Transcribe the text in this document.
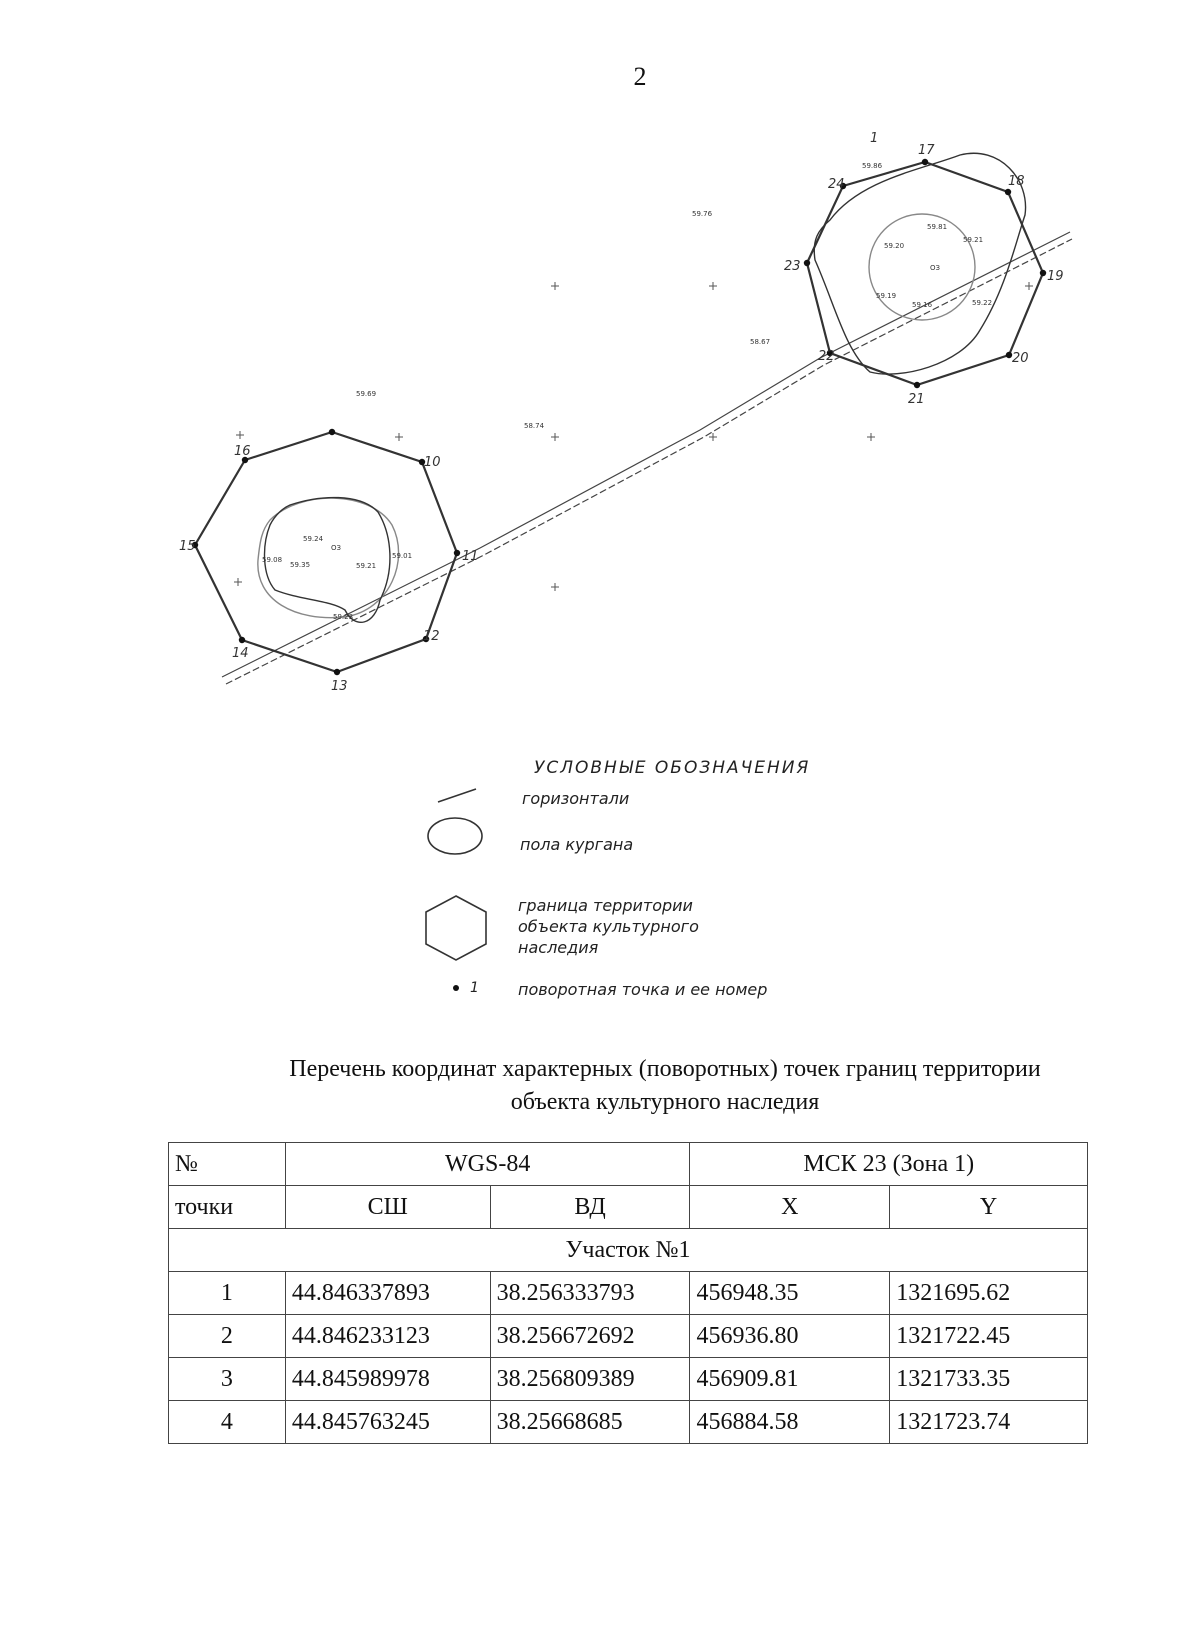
2
17
18
19
20
21
22
23
24
10
11
12
13
14
15
16
1
59.76
58.67
59.69
58.74
59.81
59.20
59.21
59.19
59.22
59.16
59.86
59.24
59.35	59.21
59.08	59.01
59.23
ОЗ
ОЗ
УСЛОВНЫЕ ОБОЗНАЧЕНИЯ
горизонтали
пола кургана
граница территории
объекта культурного
наследия
1 поворотная точка и ее номер
Перечень координат характерных (поворотных) точек границ территории
объекта культурного наследия
№	WGS-84		МСК 23 (Зона 1)	
точки	СШ	ВД	X	Y
Участок №1				
1	44.846337893	38.256333793	456948.35	1321695.62
2	44.846233123	38.256672692	456936.80	1321722.45
3	44.845989978	38.256809389	456909.81	1321733.35
4	44.845763245	38.25668685	456884.58	1321723.74
